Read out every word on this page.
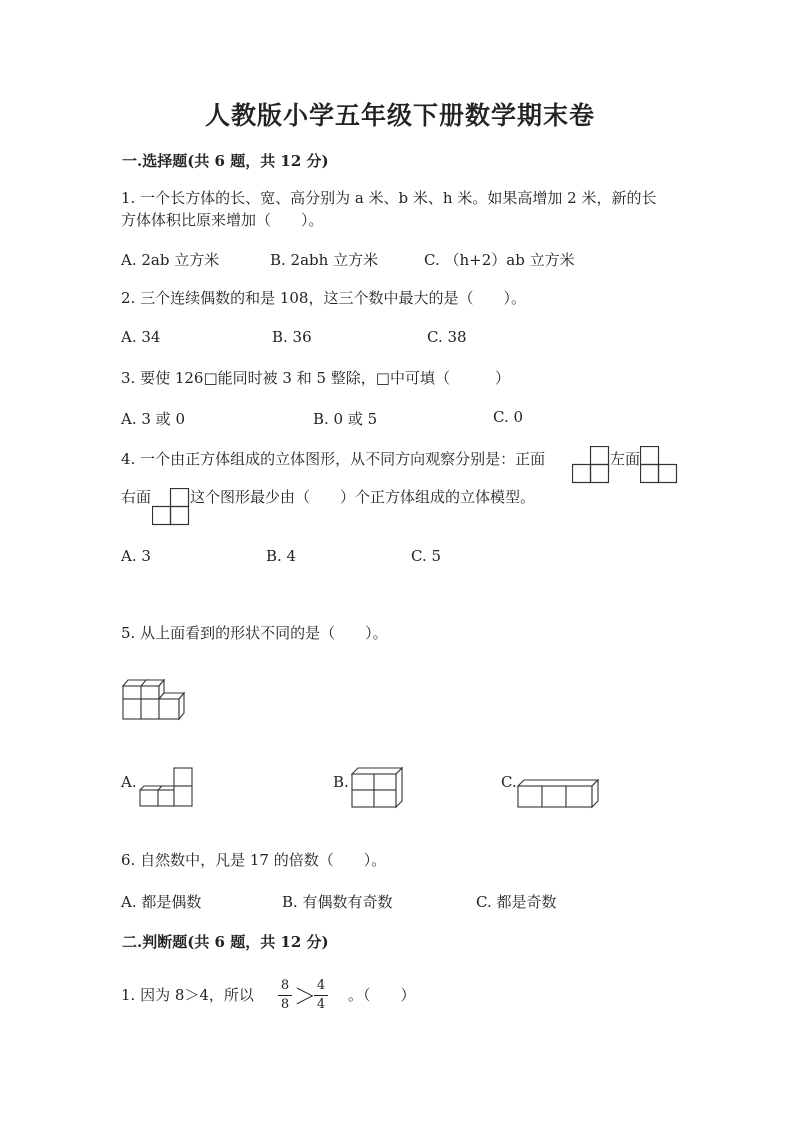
人教版小学五年级下册数学期末卷
一.选择题(共 6 题，共 12 分)
1. 一个长方体的长、宽、高分别为 a 米、b 米、h 米。如果高增加 2 米，新的长
方体体积比原来增加（　　）。
A. 2ab 立方米	B. 2abh 立方米	C. （h+2）ab 立方米
2. 三个连续偶数的和是 108，这三个数中最大的是（　　）。
A. 34	B. 36	C. 38
3. 要使 126□能同时被 3 和 5 整除，□中可填（　　　）
A. 3 或 0	B. 0 或 5	C. 0
4. 一个由正方体组成的立体图形，从不同方向观察分别是：正面	左面
右面	这个图形最少由（　　）个正方体组成的立体模型。
A. 3	B. 4	C. 5
5. 从上面看到的形状不同的是（　　）。
A.	B.	C.
6. 自然数中，凡是 17 的倍数（　　）。
A. 都是偶数	B. 有偶数有奇数	C. 都是奇数
二.判断题(共 6 题，共 12 分)
1. 因为 8＞4，所以
8
8 ＞ 4
4
。（　　）
